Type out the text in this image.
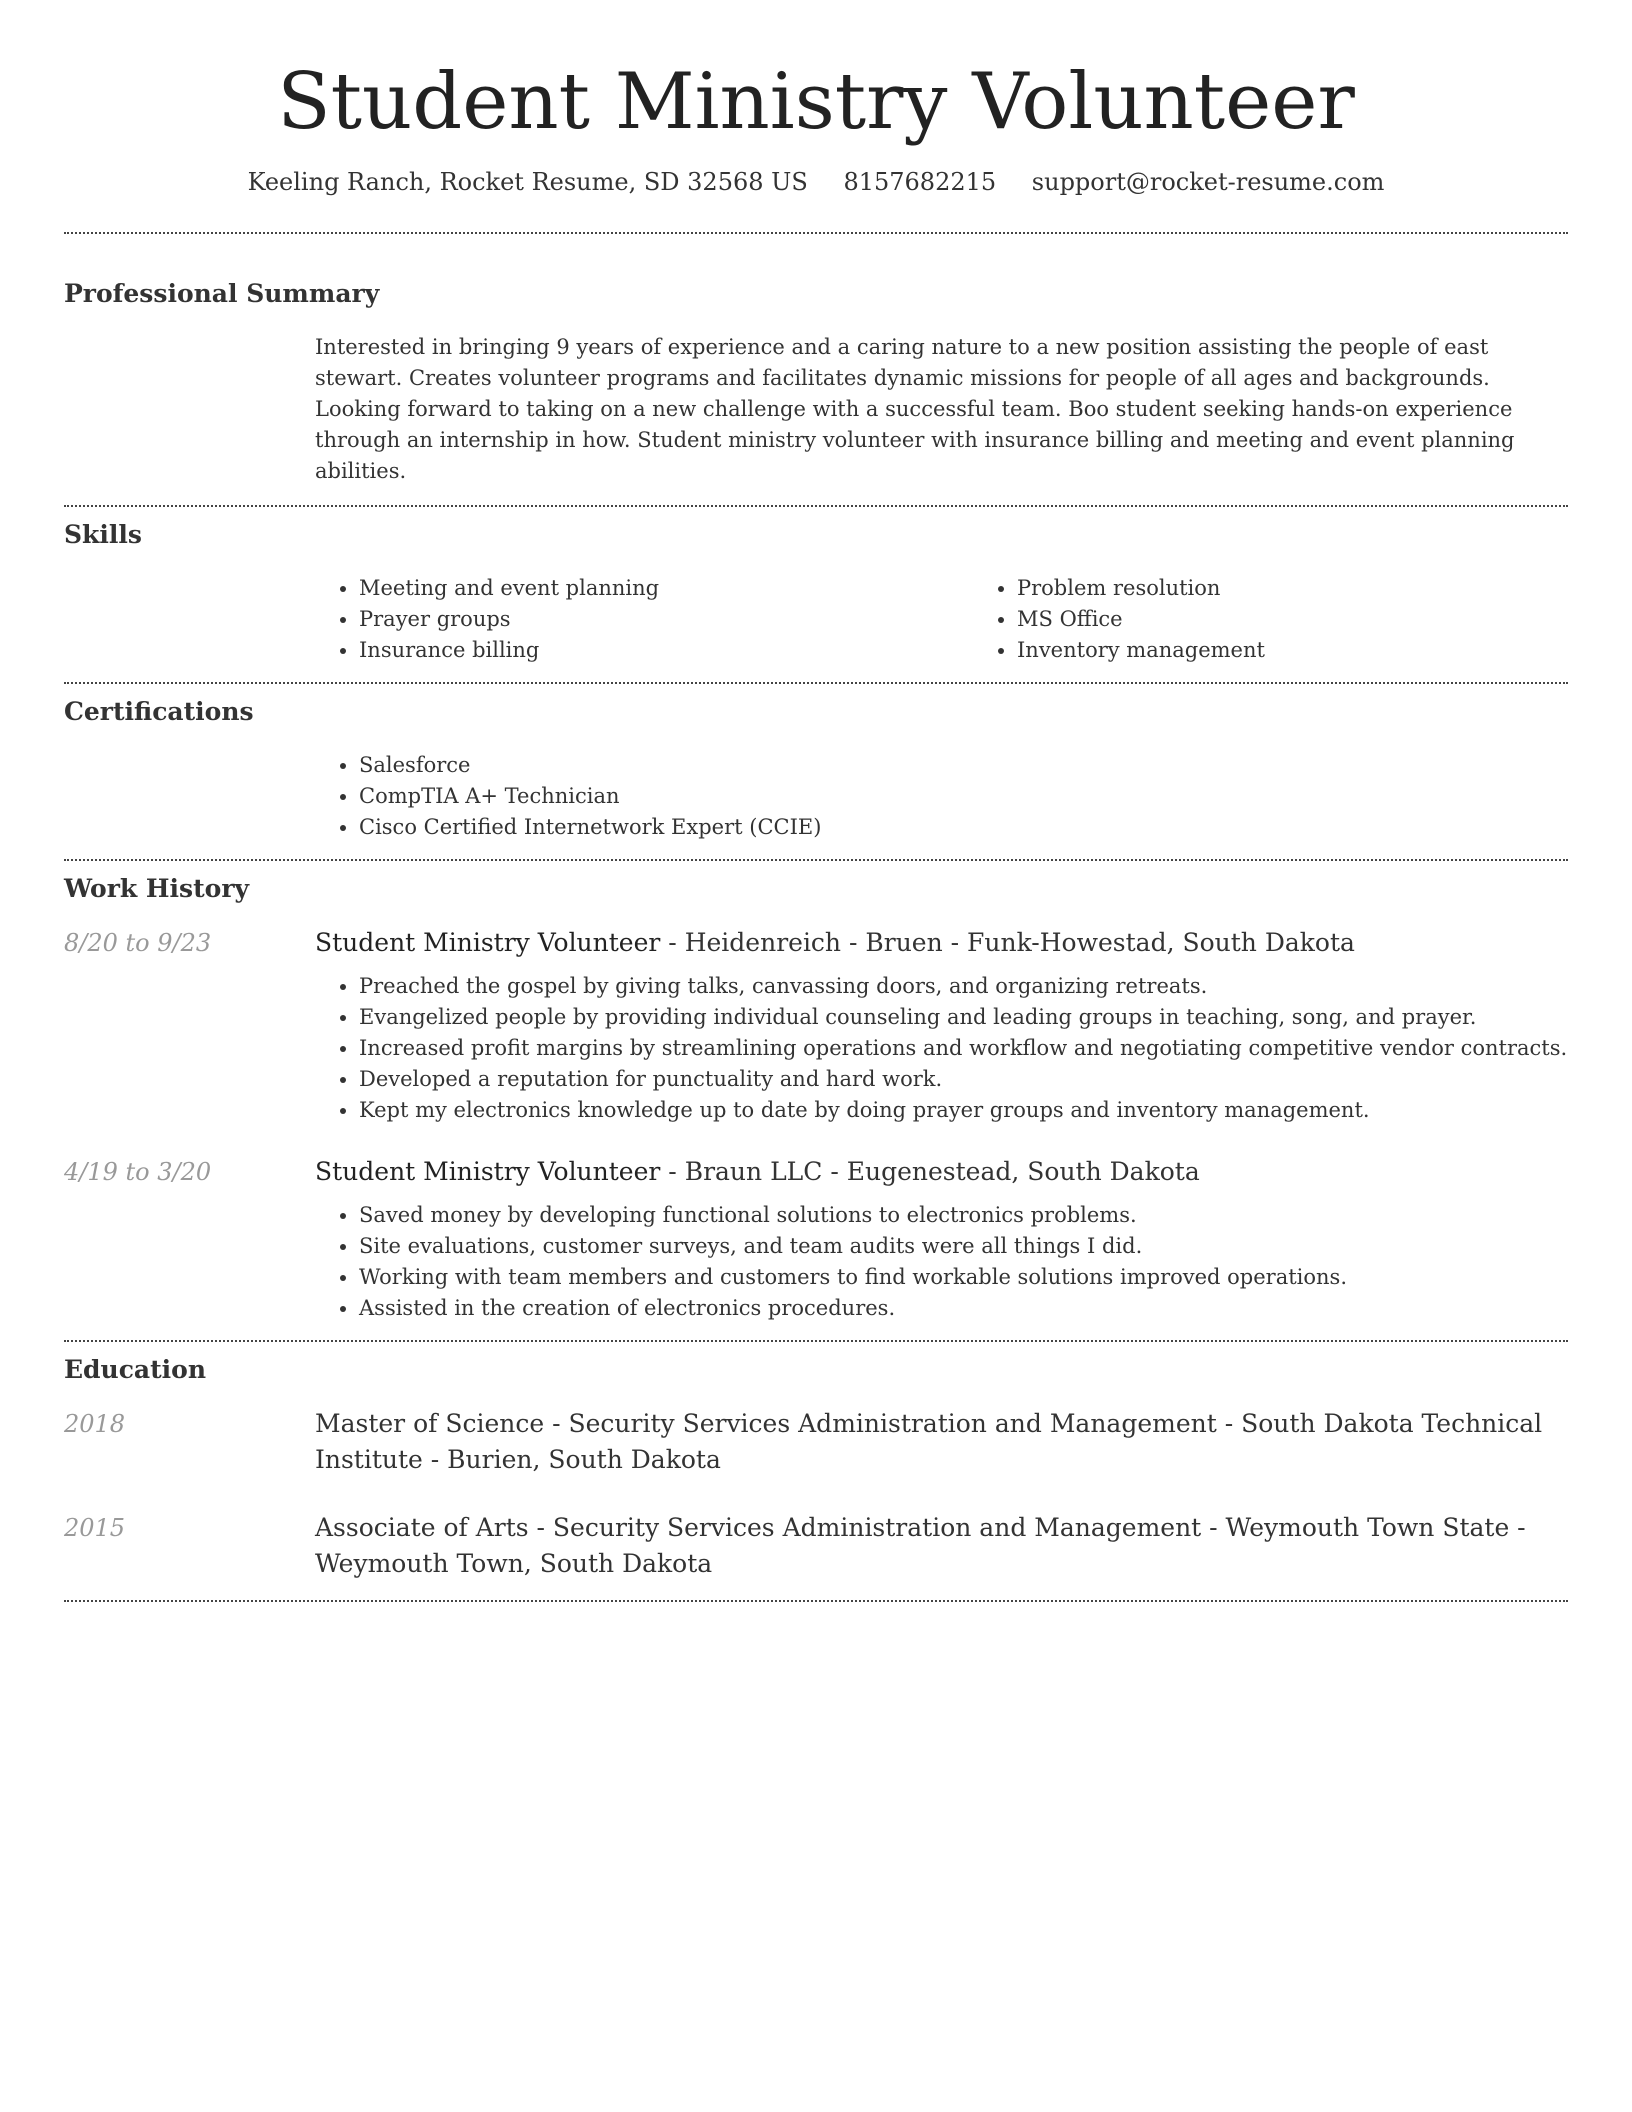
Student Ministry Volunteer
Keeling Ranch, Rocket Resume, SD 32568 US 8157682215 support@rocket-resume.com
Professional Summary

Interested in bringing 9 years of experience and a caring nature to a new position assisting the people of east stewart. Creates volunteer programs and facilitates dynamic missions for people of all ages and backgrounds. Looking forward to taking on a new challenge with a successful team. Boo student seeking hands-on experience through an internship in how. Student ministry volunteer with insurance billing and meeting and event planning abilities.

Skills
• Meeting and event planning
• Prayer groups
• Insurance billing
• Problem resolution
• MS Office
• Inventory management
Certifications
• Salesforce
• CompTIA A+ Technician
• Cisco Certified Internetwork Expert (CCIE)
Work History
8/20 to 9/23	Student Ministry Volunteer - Heidenreich - Bruen - Funk-Howestad, South Dakota

• Preached the gospel by giving talks, canvassing doors, and organizing retreats.
• Evangelized people by providing individual counseling and leading groups in teaching, song, and prayer.
• Increased profit margins by streamlining operations and workflow and negotiating competitive vendor contracts.
• Developed a reputation for punctuality and hard work.
• Kept my electronics knowledge up to date by doing prayer groups and inventory management.
4/19 to 3/20	Student Ministry Volunteer - Braun LLC - Eugenestead, South Dakota

• Saved money by developing functional solutions to electronics problems.
• Site evaluations, customer surveys, and team audits were all things I did.
• Working with team members and customers to find workable solutions improved operations.
• Assisted in the creation of electronics procedures.
Education
2018	Master of Science - Security Services Administration and Management - South Dakota Technical Institute - Burien, South Dakota

2015	Associate of Arts - Security Services Administration and Management - Weymouth Town State - Weymouth Town, South Dakota
